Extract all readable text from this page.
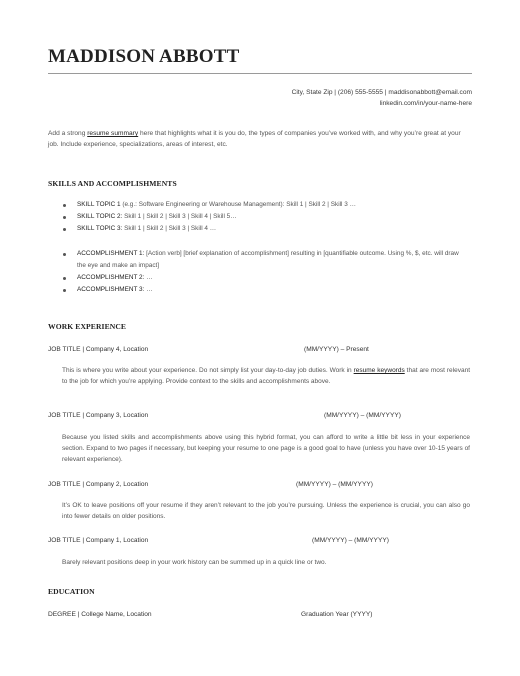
MADDISON ABBOTT
City, State Zip | (206) 555-5555 | maddisonabbott@email.com
linkedin.com/in/your-name-here

Add a strong resume summary here that highlights what it is you do, the types of companies you’ve worked with, and why you’re great at your job. Include experience, specializations, areas of interest, etc.

SKILLS AND ACCOMPLISHMENTS
SKILL TOPIC 1 (e.g.: Software Engineering or Warehouse Management): Skill 1 | Skill 2 | Skill 3 …
SKILL TOPIC 2: Skill 1 | Skill 2 | Skill 3 | Skill 4 | Skill 5…
SKILL TOPIC 3: Skill 1 | Skill 2 | Skill 3 | Skill 4 …
ACCOMPLISHMENT 1: [Action verb] [brief explanation of accomplishment] resulting in [quantifiable outcome. Using %, $, etc. will draw the eye and make an impact]
ACCOMPLISHMENT 2: …
ACCOMPLISHMENT 3: …
WORK EXPERIENCE
JOB TITLE | Company 4, Location	(MM/YYYY) – Present

This is where you write about your experience. Do not simply list your day-to-day job duties. Work in resume keywords that are most relevant to the job for which you’re applying. Provide context to the skills and accomplishments above.

JOB TITLE | Company 3, Location	(MM/YYYY) – (MM/YYYY)

Because you listed skills and accomplishments above using this hybrid format, you can afford to write a little bit less in your experience section. Expand to two pages if necessary, but keeping your resume to one page is a good goal to have (unless you have over 10-15 years of relevant experience).

JOB TITLE | Company 2, Location	(MM/YYYY) – (MM/YYYY)

It’s OK to leave positions off your resume if they aren’t relevant to the job you’re pursuing. Unless the experience is crucial, you can also go into fewer details on older positions.

JOB TITLE | Company 1, Location	(MM/YYYY) – (MM/YYYY)

Barely relevant positions deep in your work history can be summed up in a quick line or two.

EDUCATION
DEGREE | College Name, Location	Graduation Year (YYYY)
